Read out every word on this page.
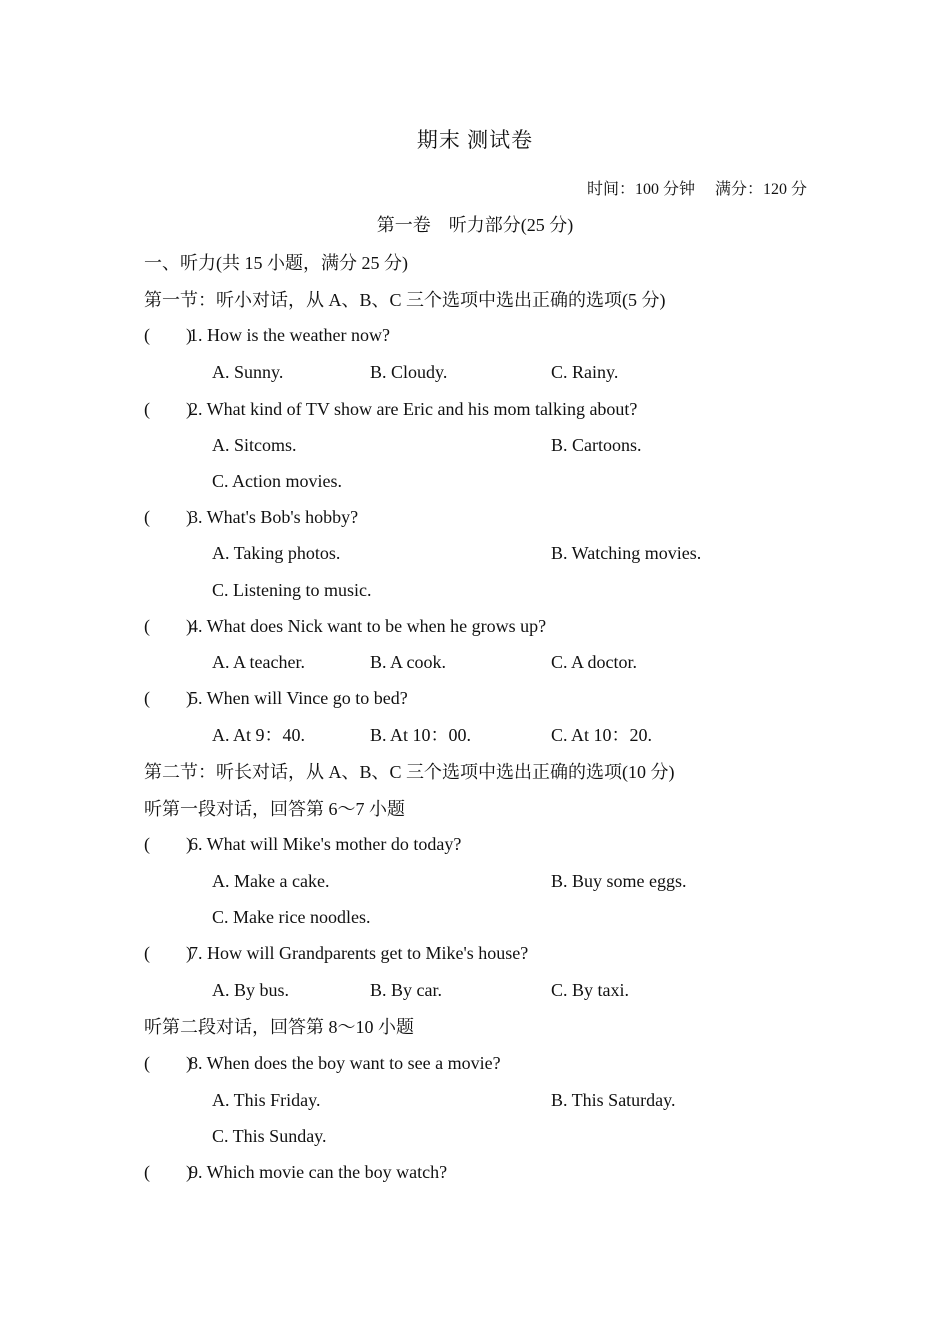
期末 测试卷
时间：100 分钟　 满分：120 分
第一卷　听力部分(25 分)
一、听力(共 15 小题，满分 25 分)
第一节：听小对话，从 A、B、C 三个选项中选出正确的选项(5 分)
(　　)
1. How is the weather now?
A. Sunny.	B. Cloudy.	C. Rainy.
(　　)
2. What kind of TV show are Eric and his mom talking about?
A. Sitcoms.	B. Cartoons.
C. Action movies.
(　　)
3. What's Bob's hobby?
A. Taking photos.	B. Watching movies.
C. Listening to music.
(　　)
4. What does Nick want to be when he grows up?
A. A teacher.	B. A cook.	C. A doctor.
(　　)
5. When will Vince go to bed?
A. At 9：40.	B. At 10：00.	C. At 10：20.
第二节：听长对话，从 A、B、C 三个选项中选出正确的选项(10 分)
听第一段对话，回答第 6～7 小题
(　　)
6. What will Mike's mother do today?
A. Make a cake.	B. Buy some eggs.
C. Make rice noodles.
(　　)
7. How will Grandparents get to Mike's house?
A. By bus.	B. By car.	C. By taxi.
听第二段对话，回答第 8～10 小题
(　　)
8. When does the boy want to see a movie?
A. This Friday.	B. This Saturday.
C. This Sunday.
(　　)
9. Which movie can the boy watch?
